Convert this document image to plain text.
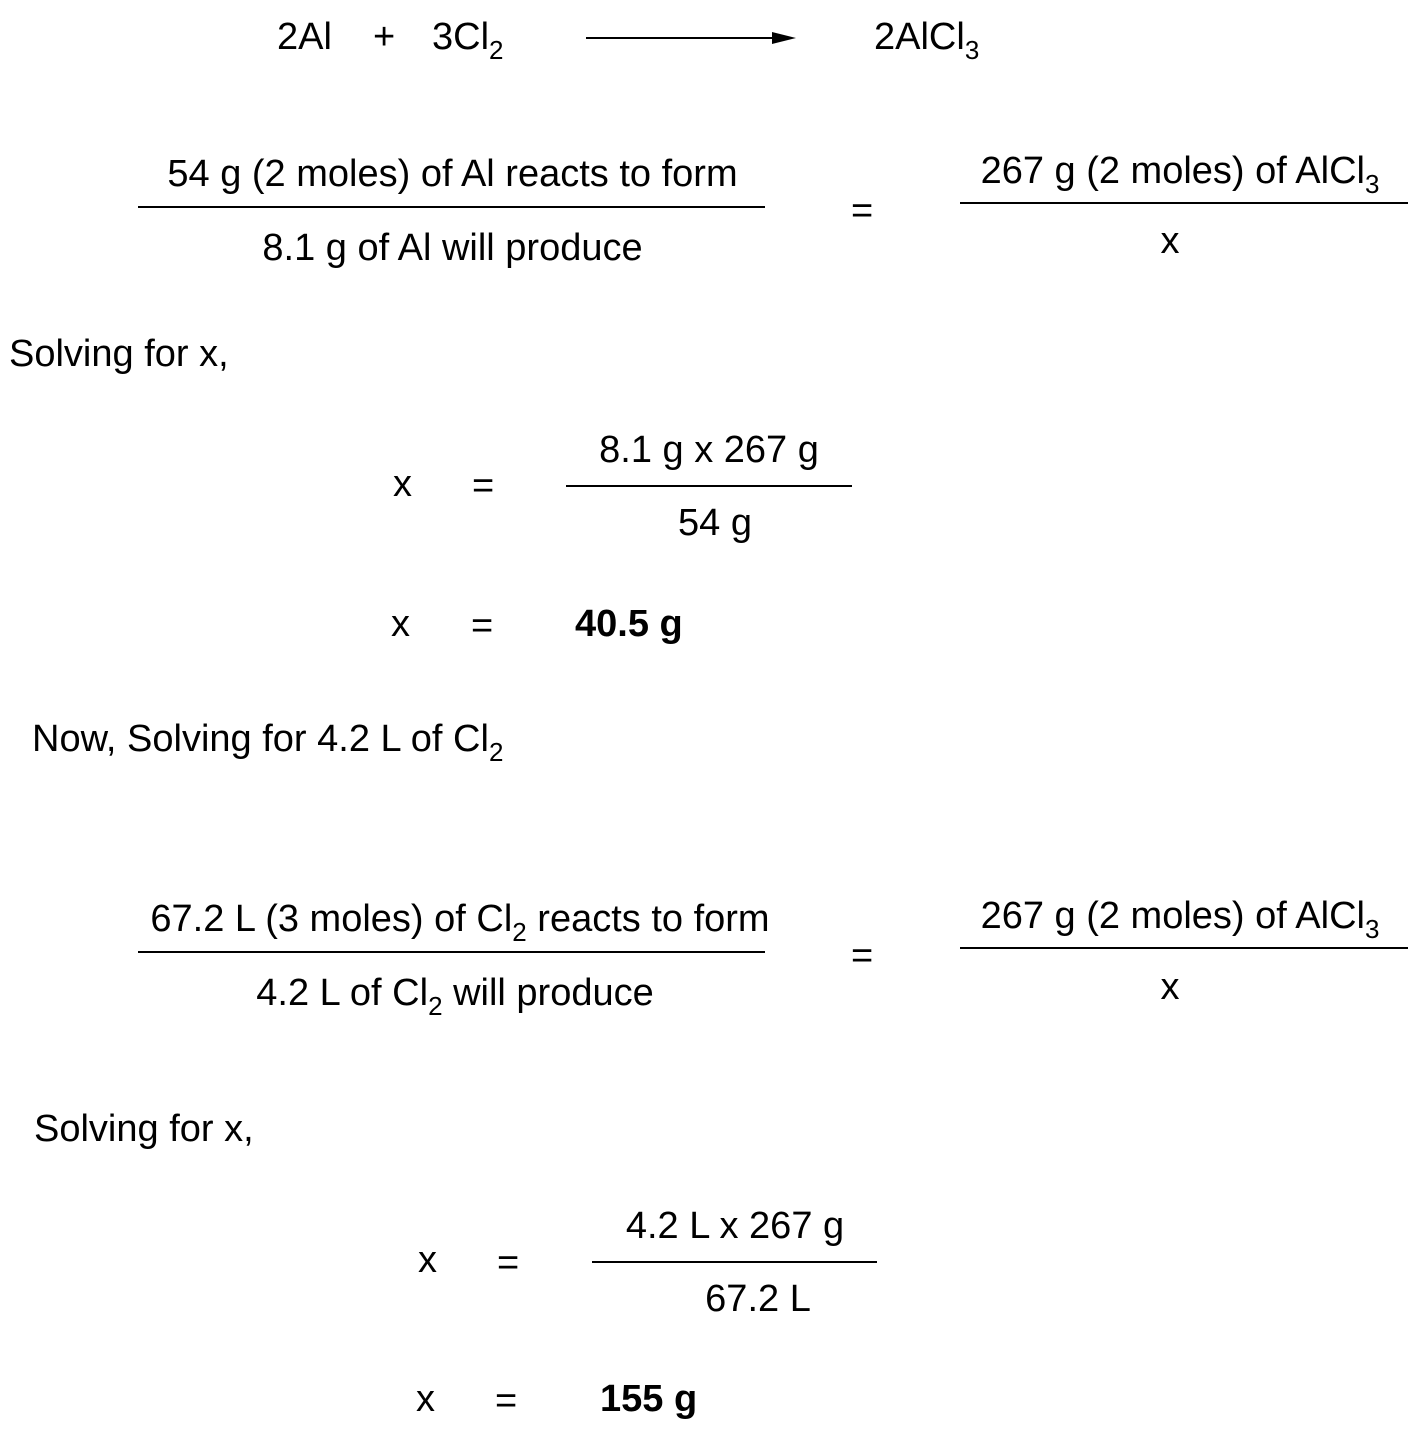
$2Al + 3Cl_2$	2AlCl$_3$
54 g (2 moles) of Al reacts to form
8.1 g of Al will produce
=
267 g (2 moles) of AlCl$_3$
x
Solving for x,
x =
8.1 g x 267 g
54 g
x = 40.5 g
Now, Solving for 4.2 L of $Cl_2$
67.2 L (3 moles) of $Cl_2$ reacts to form
4.2 L of $Cl_2$ will produce
=
267 g (2 moles) of AlCl$_3$
x
Solving for x,
x =
4.2 L x 267 g
67.2 L
x = 155 g
